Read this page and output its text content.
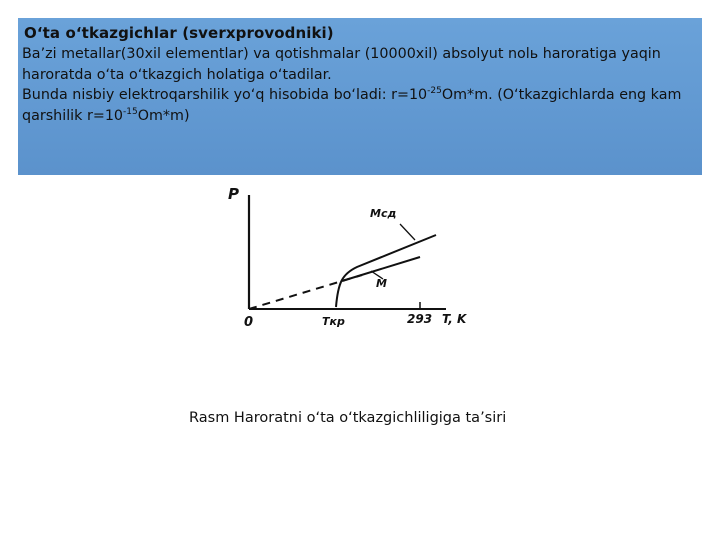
O‘ta o‘tkazgichlar (sverxprovodniki)

Ba’zi metallar(30xil elementlar) va qotishmalar (10000xil) absolyut nolь haroratiga yaqin haroratda o‘ta o‘tkazgich holatiga o‘tadilar.

Bunda nisbiy elektroqarshilik yo‘q hisobida bo‘ladi: $r=10^{-25}Om*m$. (O‘tkazgichlarda eng kam qarshilik $r=10^{-15}Om*m$)

P
0	Tкр	293 T, K
Mсд
M
Rasm Haroratni o‘ta o‘tkazgichliligiga ta’siri
